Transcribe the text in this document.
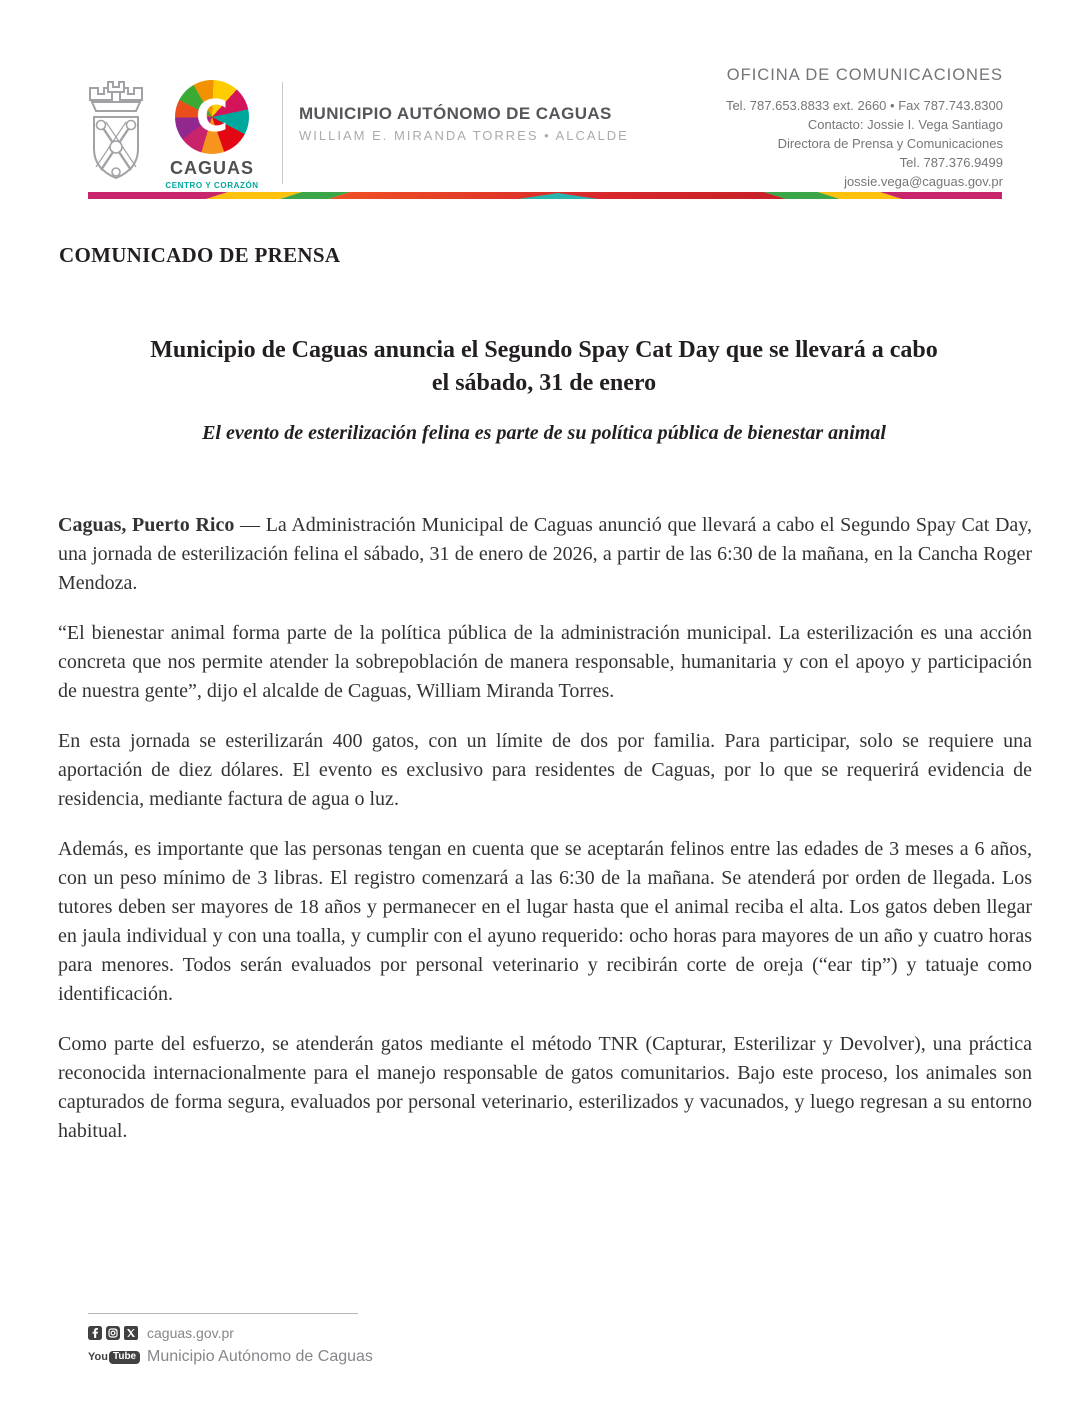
C
CAGUAS
CENTRO Y CORAZÓN
MUNICIPIO AUTÓNOMO DE CAGUAS
WILLIAM E. MIRANDA TORRES • ALCALDE
OFICINA DE COMUNICACIONES
Tel. 787.653.8833 ext. 2660 • Fax 787.743.8300
Contacto: Jossie I. Vega Santiago
Directora de Prensa y Comunicaciones
Tel. 787.376.9499
jossie.vega@caguas.gov.pr
COMUNICADO DE PRENSA
Municipio de Caguas anuncia el Segundo Spay Cat Day que se llevará a cabo
el sábado, 31 de enero
El evento de esterilización felina es parte de su política pública de bienestar animal

Caguas, Puerto Rico — La Administración Municipal de Caguas anunció que llevará a cabo el Segundo Spay Cat Day, una jornada de esterilización felina el sábado, 31 de enero de 2026, a partir de las 6:30 de la mañana, en la Cancha Roger Mendoza.

“El bienestar animal forma parte de la política pública de la administración municipal. La esterilización es una acción concreta que nos permite atender la sobrepoblación de manera responsable, humanitaria y con el apoyo y participación de nuestra gente”, dijo el alcalde de Caguas, William Miranda Torres.

En esta jornada se esterilizarán 400 gatos, con un límite de dos por familia. Para participar, solo se requiere una aportación de diez dólares. El evento es exclusivo para residentes de Caguas, por lo que se requerirá evidencia de residencia, mediante factura de agua o luz.

Además, es importante que las personas tengan en cuenta que se aceptarán felinos entre las edades de 3 meses a 6 años, con un peso mínimo de 3 libras. El registro comenzará a las 6:30 de la mañana. Se atenderá por orden de llegada. Los tutores deben ser mayores de 18 años y permanecer en el lugar hasta que el animal reciba el alta. Los gatos deben llegar en jaula individual y con una toalla, y cumplir con el ayuno requerido: ocho horas para mayores de un año y cuatro horas para menores. Todos serán evaluados por personal veterinario y recibirán corte de oreja (“ear tip”) y tatuaje como identificación.

Como parte del esfuerzo, se atenderán gatos mediante el método TNR (Capturar, Esterilizar y Devolver), una práctica reconocida internacionalmente para el manejo responsable de gatos comunitarios. Bajo este proceso, los animales son capturados de forma segura, evaluados por personal veterinario, esterilizados y vacunados, y luego regresan a su entorno habitual.

caguas.gov.pr
You Tube Municipio Autónomo de Caguas
